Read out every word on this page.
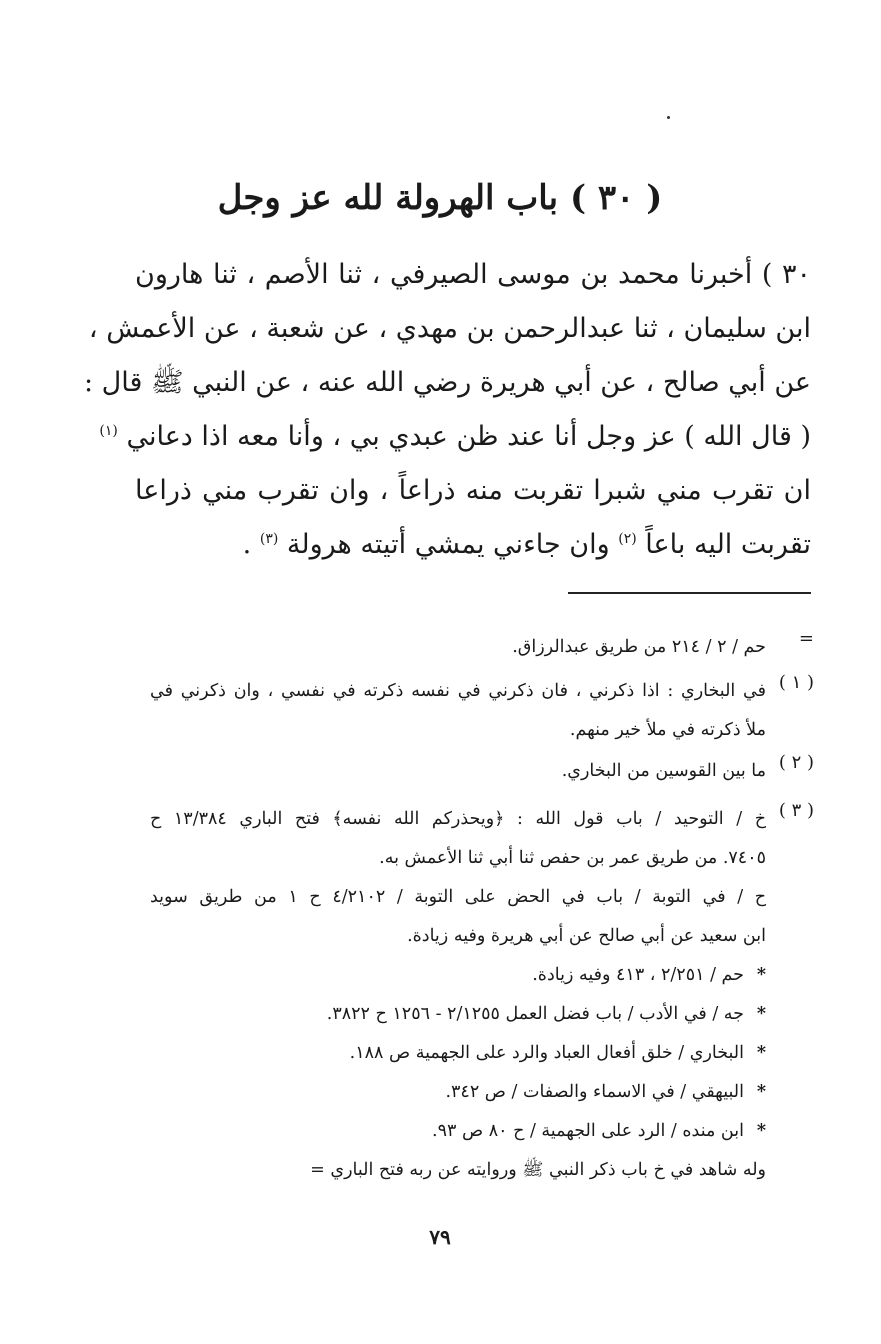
( ٣٠ ) باب الهرولة لله عز وجل
٣٠ ) أخبرنا محمد بن موسى الصيرفي ، ثنا الأصم ، ثنا هارون
ابن سليمان ، ثنا عبدالرحمن بن مهدي ، عن شعبة ، عن الأعمش ،
عن أبي صالح ، عن أبي هريرة رضي الله عنه ، عن النبي ﷺ قال :
( قال الله ) عز وجل أنا عند ظن عبدي بي ، وأنا معه اذا دعاني $^{(١)}$
ان تقرب مني شبرا تقربت منه ذراعاً ، وان تقرب مني ذراعا
تقربت اليه باعاً $^{(٢)}$ وان جاءني يمشي أتيته هرولة $^{(٣)}$ .
=
حم / ٢ / ٢١٤ من طريق عبدالرزاق.
( ١ )
في البخاري : اذا ذكرني ، فان ذكرني في نفسه ذكرته في نفسي ، وان ذكرني في
ملأ ذكرته في ملأ خير منهم.
( ٢ )
ما بين القوسين من البخاري.
( ٣ )
خ / التوحيد / باب قول الله : ﴿ويحذركم الله نفسه﴾ فتح الباري ١٣/٣٨٤ ح
٧٤٠٥. من طريق عمر بن حفص ثنا أبي ثنا الأعمش به.
ح / في التوبة / باب في الحض على التوبة / ٤/٢١٠٢ ح ١ من طريق سويد
ابن سعيد عن أبي صالح عن أبي هريرة وفيه زيادة.
*حم / ٢/٢٥١ ، ٤١٣ وفيه زيادة.
*جه / في الأدب / باب فضل العمل ٢/١٢٥٥ - ١٢٥٦ ح ٣٨٢٢.
*البخاري / خلق أفعال العباد والرد على الجهمية ص ١٨٨.
*البيهقي / في الاسماء والصفات / ص ٣٤٢.
*ابن منده / الرد على الجهمية / ح ٨٠ ص ٩٣.
وله شاهد في خ باب ذكر النبي ﷺ وروايته عن ربه فتح الباري =
٧٩
